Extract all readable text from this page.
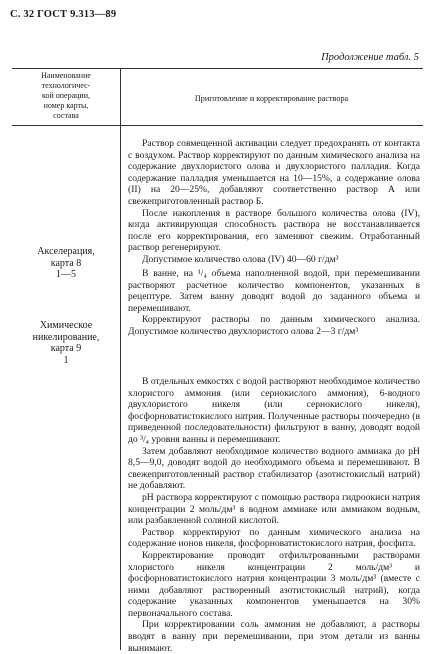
С. 32 ГОСТ 9.313—89
Продолжение табл. 5
Наименование
технологичес-
кой операции,
номер карты,
состава
Приготовление и корректирование раствора
Акселерация,
карта 8
1—5
Химическое
никелирование,
карта 9
1

Раствор совмещенной активации следует предохранять от контакта с воздухом. Раствор корректируют по данным химического анализа на содержание двухлористого олова и двухлористого палладия. Когда содержание палладия уменьшается на 10—15%, а содержание олова (II) на 20—25%, добавляют соответственно раствор А или свежеприготовленный раствор Б.

После накопления в растворе большого количества олова (IV), когда активирующая способность раствора не восстанавливается после его корректирования, его заменяют свежим. Отработанный раствор регенерируют.

Допустимое количество олова (IV) 40—60 г/дм³

В ванне, на ¹/₄ объема наполненной водой, при перемешивании растворяют расчетное количество компонентов, указанных в рецептуре. Затем ванну доводят водой до заданного объема и перемешивают.

Корректируют растворы по данным химического анализа. Допустимое количество двухлористого олова 2—3 г/дм³

В отдельных емкостях с водой растворяют необходимое количество хлористого аммония (или сернокислого аммония), 6-водного двухлористого никеля (или сернокислого никеля), фосфорноватистокислого натрия. Полученные растворы поочередно (в приведенной последовательности) фильтруют в ванну, доводят водой до ³/₄ уровня ванны и перемешивают.

Затем добавляют необходимое количество водного аммиака до pH 8,5—9,0, доводят водой до необходимого объема и перемешивают. В свежеприготовленный раствор стабилизатор (азотистокислый натрий) не добавляют.

pH раствора корректируют с помощью раствора гидроокиси натрия концентрации 2 моль/дм³ в водном аммиаке или аммиаком водным, или разбавленной соляной кислотой.

Раствор корректируют по данным химического анализа на содержание ионов никеля, фосфорноватистокислого натрия, фосфита.

Корректирование проводят отфильтрованными растворами хлористого никеля концентрации 2 моль/дм³ и фосфорноватистокислого натрия концентрации 3 моль/дм³ (вместе с ними добавляют растворенный азотистокислый натрий), когда содержание указанных компонентов уменьшается на 30% первоначального состава.

При корректировании соль аммония не добавляют, а растворы вводят в ванну при перемешивании, при этом детали из ванны вынимают.
